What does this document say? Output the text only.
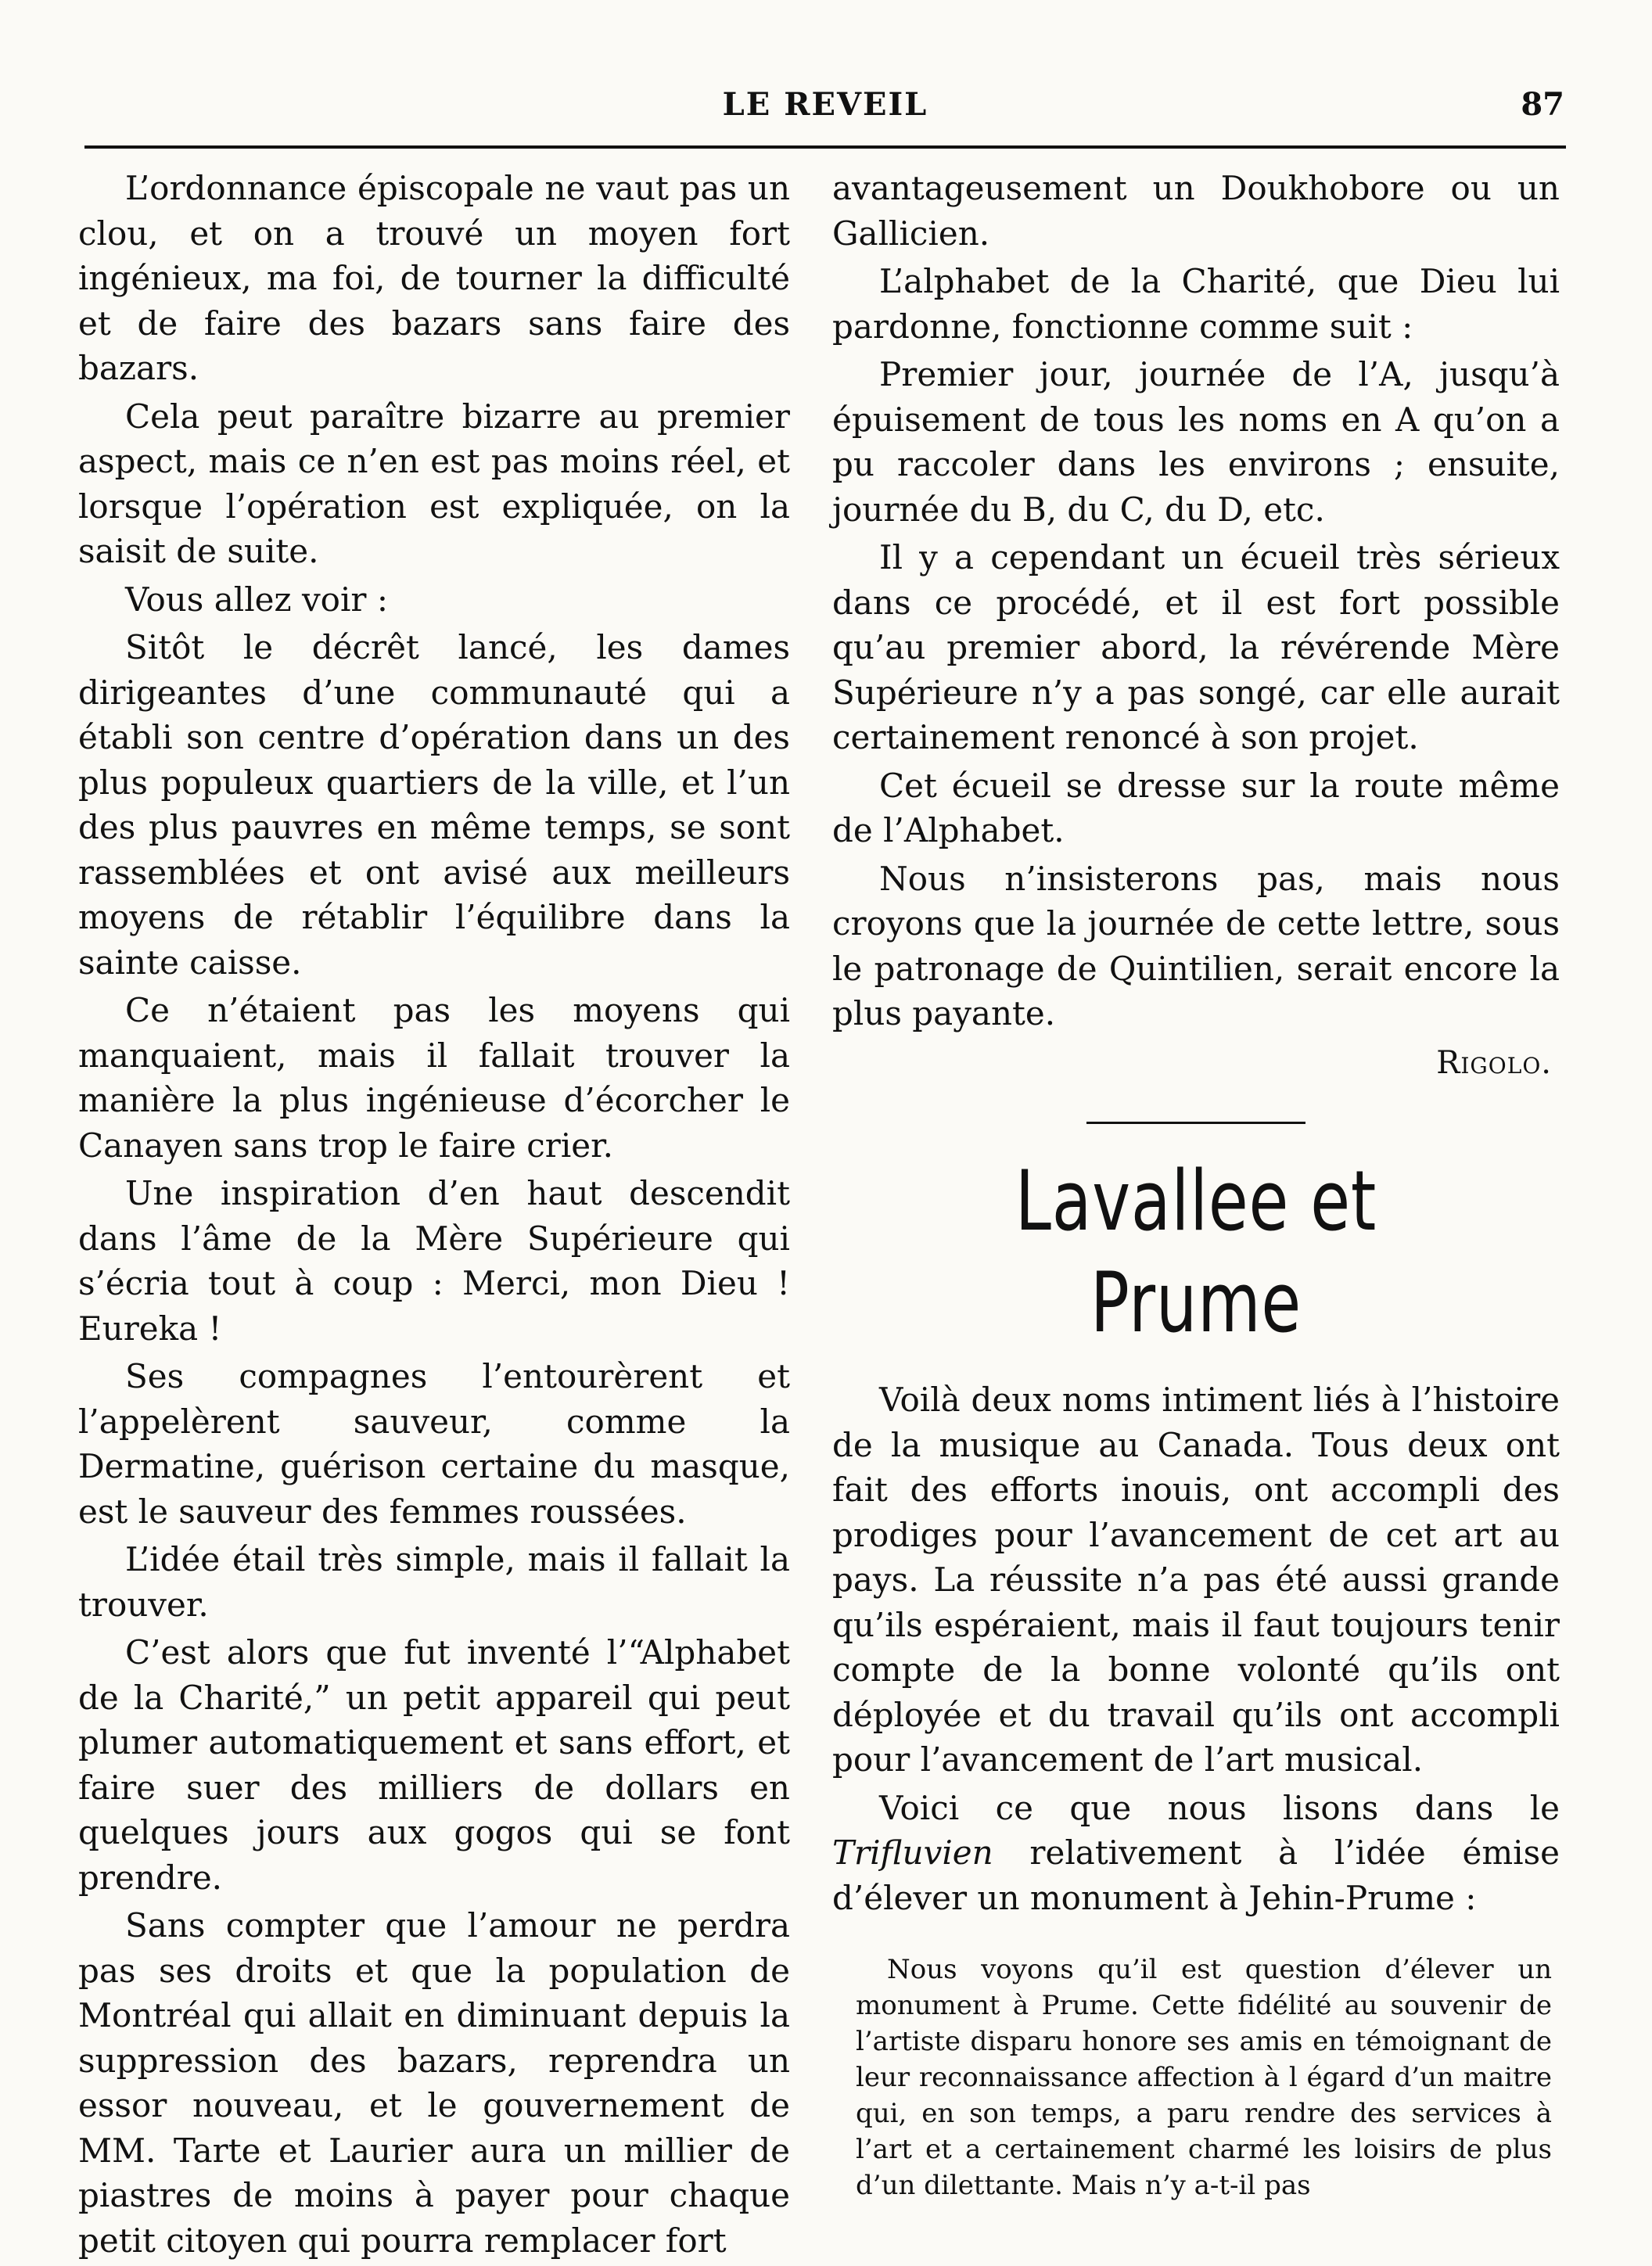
LE REVEIL	87

L’ordonnance épiscopale ne vaut pas un clou, et on a trouvé un moyen fort ingénieux, ma foi, de tourner la difficulté et de faire des bazars sans faire des bazars.

Cela peut paraître bizarre au premier aspect, mais ce n’en est pas moins réel, et lorsque l’opération est expliquée, on la saisit de suite.

Vous allez voir :

Sitôt le décrêt lancé, les dames dirigeantes d’une communauté qui a établi son centre d’opération dans un des plus populeux quartiers de la ville, et l’un des plus pauvres en même temps, se sont rassemblées et ont avisé aux meilleurs moyens de rétablir l’équilibre dans la sainte caisse.

Ce n’étaient pas les moyens qui manquaient, mais il fallait trouver la manière la plus ingénieuse d’écorcher le Canayen sans trop le faire crier.

Une inspiration d’en haut descendit dans l’âme de la Mère Supérieure qui s’écria tout à coup : Merci, mon Dieu ! Eureka !

Ses compagnes l’entourèrent et l’appelèrent sauveur, comme la Dermatine, guérison certaine du masque, est le sauveur des femmes roussées.

L’idée étail très simple, mais il fallait la trouver.

C’est alors que fut inventé l’“Alphabet de la Charité,” un petit appareil qui peut plumer automatiquement et sans effort, et faire suer des milliers de dollars en quelques jours aux gogos qui se font prendre.

Sans compter que l’amour ne perdra pas ses droits et que la population de Montréal qui allait en diminuant depuis la suppression des bazars, reprendra un essor nouveau, et le gouvernement de MM. Tarte et Laurier aura un millier de piastres de moins à payer pour chaque petit citoyen qui pourra remplacer fort

avantageusement un Doukhobore ou un Gallicien.

L’alphabet de la Charité, que Dieu lui pardonne, fonctionne comme suit :

Premier jour, journée de l’A, jusqu’à épuisement de tous les noms en A qu’on a pu raccoler dans les environs ; ensuite, journée du B, du C, du D, etc.

Il y a cependant un écueil très sérieux dans ce procédé, et il est fort possible qu’au premier abord, la révérende Mère Supérieure n’y a pas songé, car elle aurait certainement renoncé à son projet.

Cet écueil se dresse sur la route même de l’Alphabet.

Nous n’insisterons pas, mais nous croyons que la journée de cette lettre, sous le patronage de Quintilien, serait encore la plus payante.

Rigolo.
Lavallee et Prume

Voilà deux noms intiment liés à l’histoire de la musique au Canada. Tous deux ont fait des efforts inouis, ont accompli des prodiges pour l’avancement de cet art au pays. La réussite n’a pas été aussi grande qu’ils espéraient, mais il faut toujours tenir compte de la bonne volonté qu’ils ont déployée et du travail qu’ils ont accompli pour l’avancement de l’art musical.

Voici ce que nous lisons dans le Trifluvien relativement à l’idée émise d’élever un monument à Jehin-Prume :

Nous voyons qu’il est question d’élever un monument à Prume. Cette fidélité au souvenir de l’artiste disparu honore ses amis en témoignant de leur reconnaissance affection à l égard d’un maitre qui, en son temps, a paru rendre des services à l’art et a certainement charmé les loisirs de plus d’un dilettante. Mais n’y a-t-il pas
